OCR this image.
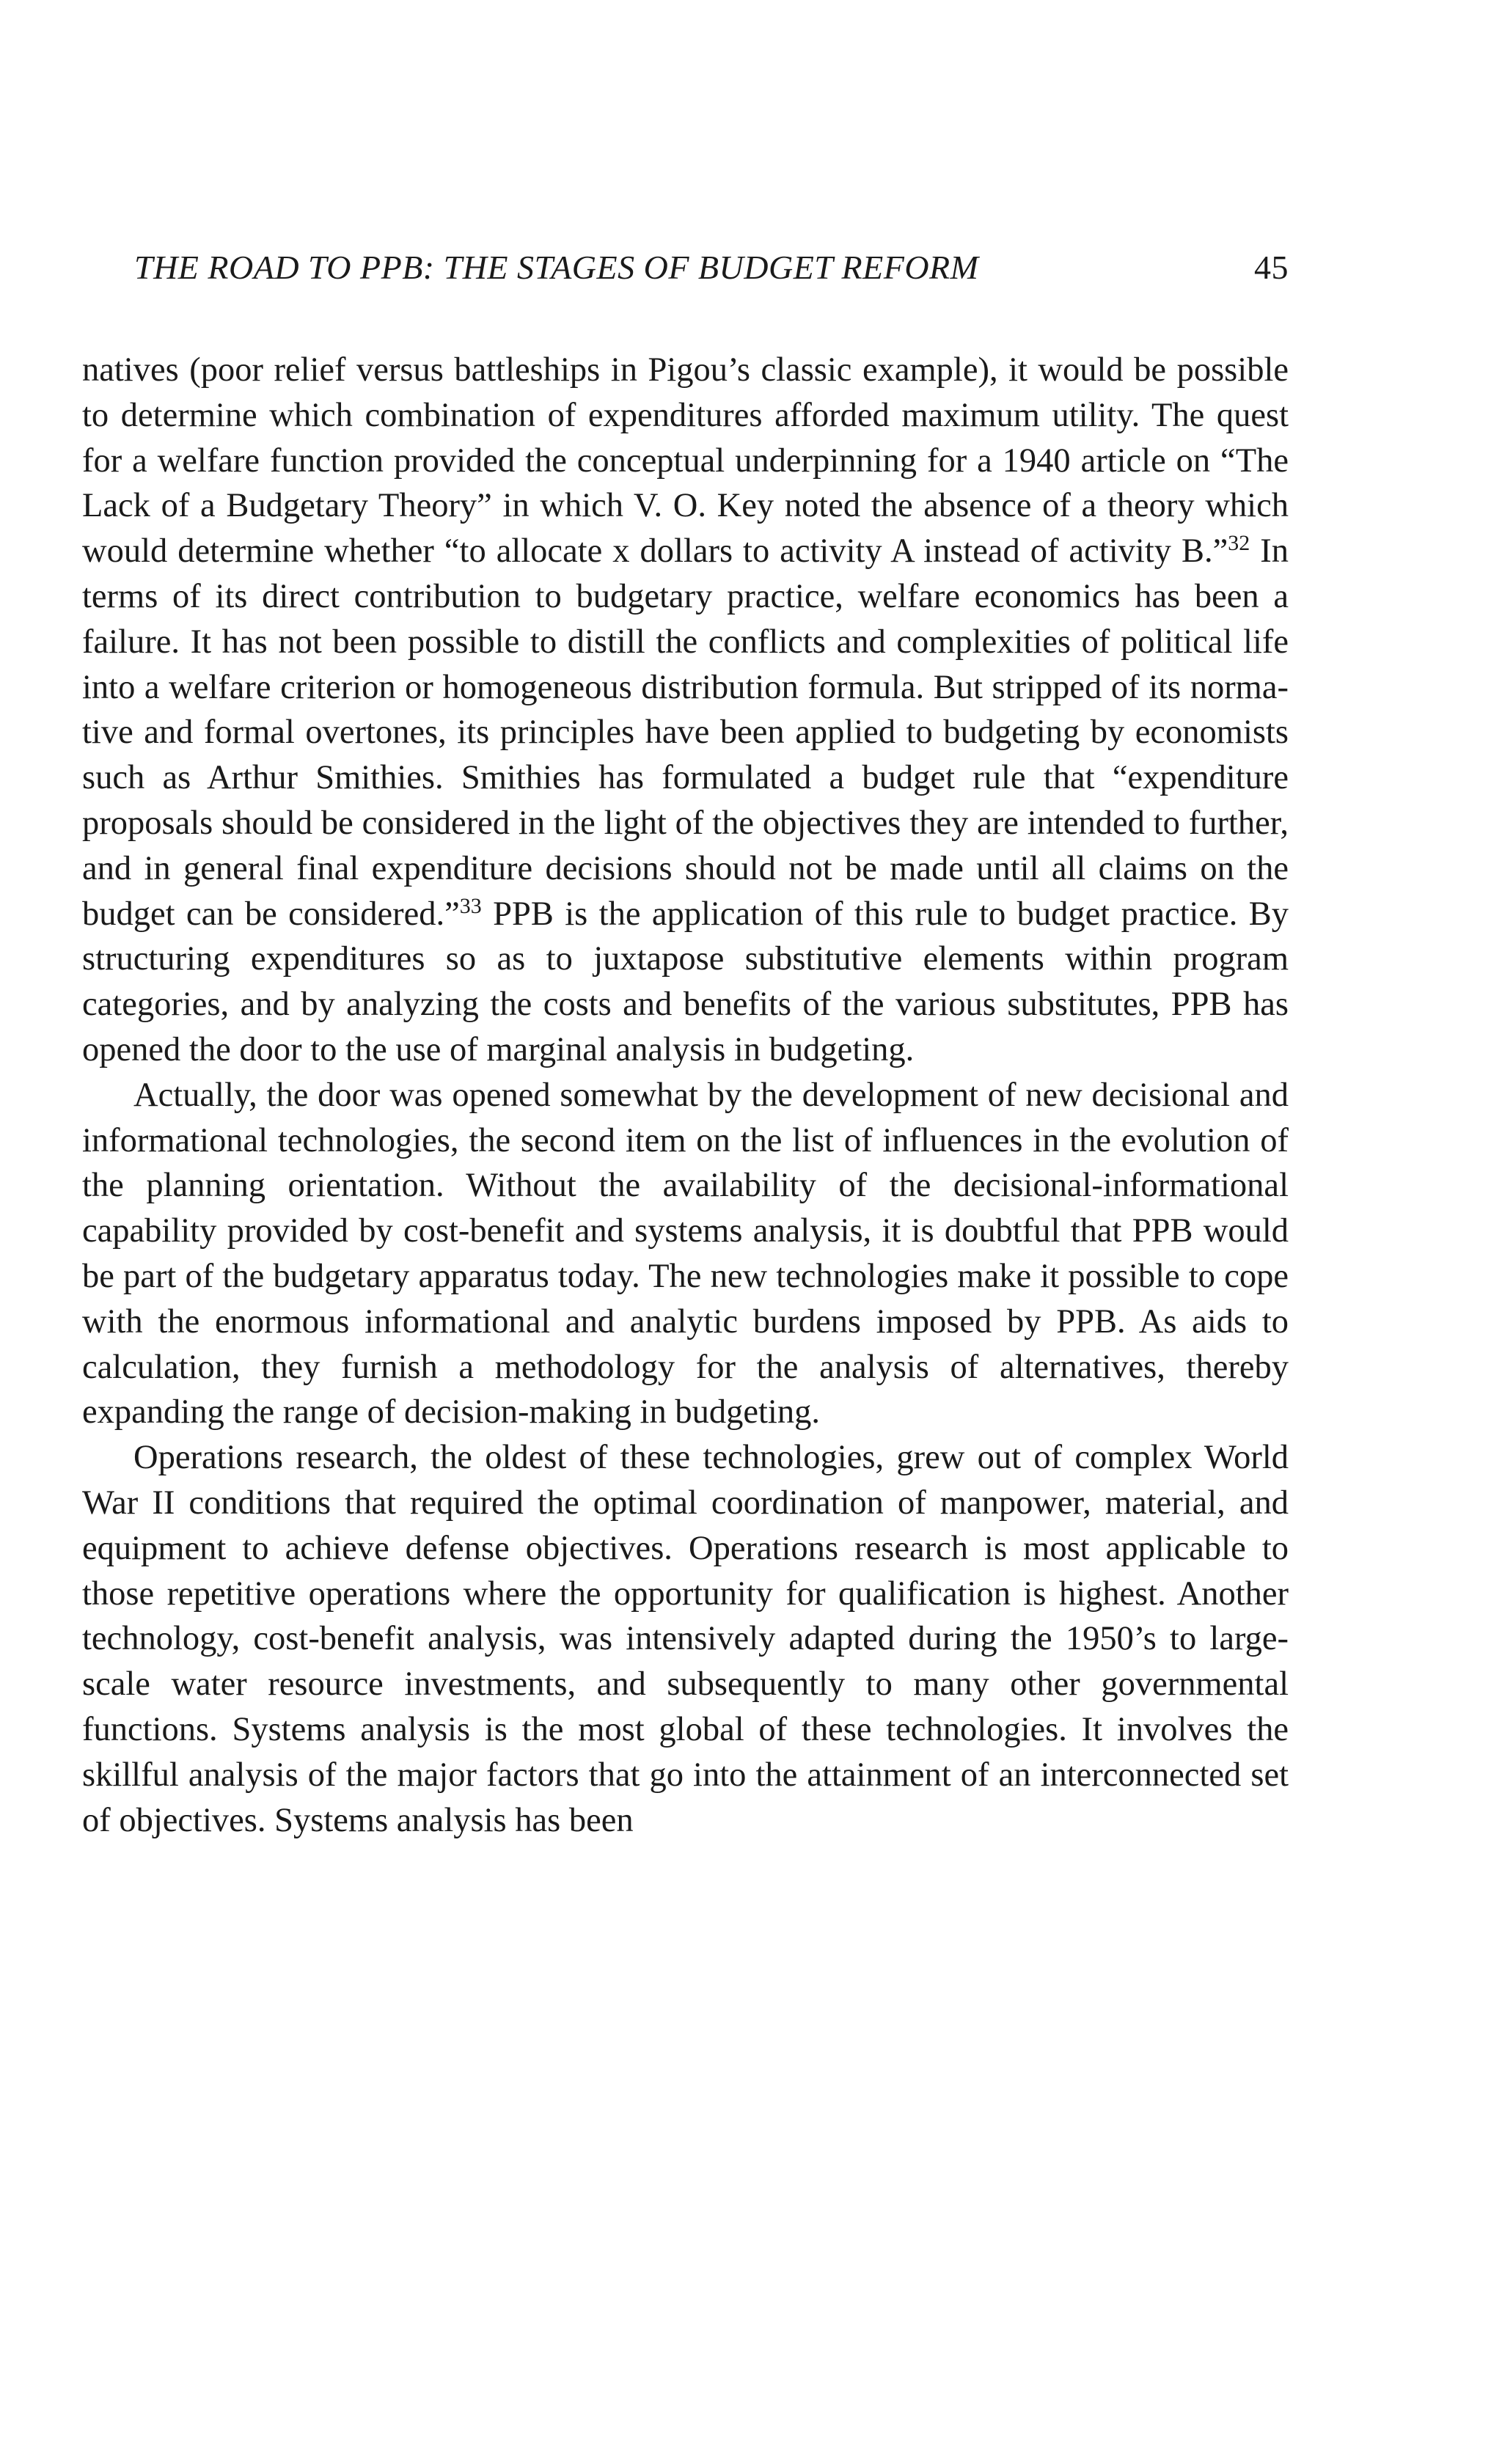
THE ROAD TO PPB: THE STAGES OF BUDGET REFORM	45

natives (poor relief versus battleships in Pigou’s classic example), it would be possible to determine which combination of expenditures afforded maximum utility. The quest for a welfare function provided the conceptual underpinning for a 1940 article on “The Lack of a Budgetary Theory” in which V. O. Key noted the absence of a theory which would determine whether “to allocate x dollars to activity A instead of activity B.”$^{32}$ In terms of its direct contribution to budgetary practice, welfare economics has been a failure. It has not been possible to distill the conflicts and complexities of political life into a welfare criterion or homogeneous distribution formula. But stripped of its normative and formal overtones, its principles have been applied to budgeting by economists such as Arthur Smithies. Smithies has formulated a budget rule that “expenditure proposals should be considered in the light of the objectives they are intended to further, and in general final expenditure decisions should not be made until all claims on the budget can be considered.”$^{33}$ PPB is the application of this rule to budget practice. By structuring expenditures so as to juxtapose substitutive elements within program categories, and by analyzing the costs and benefits of the various substitutes, PPB has opened the door to the use of marginal analysis in budgeting.

Actually, the door was opened somewhat by the development of new decisional and informational technologies, the second item on the list of influences in the evolution of the planning orientation. Without the availability of the decisional-informational capability provided by cost-benefit and systems analysis, it is doubtful that PPB would be part of the budgetary apparatus today. The new technologies make it possible to cope with the enormous informational and analytic burdens imposed by PPB. As aids to calculation, they furnish a methodology for the analysis of alternatives, thereby expanding the range of decision-making in budgeting.

Operations research, the oldest of these technologies, grew out of complex World War II conditions that required the optimal coordination of manpower, material, and equipment to achieve defense objectives. Operations research is most applicable to those repetitive operations where the opportunity for qualification is highest. Another technology, cost-benefit analysis, was intensively adapted during the 1950’s to large-scale water resource investments, and subsequently to many other governmental functions. Systems analysis is the most global of these technologies. It involves the skillful analysis of the major factors that go into the attainment of an interconnected set of objectives. Systems analysis has been
